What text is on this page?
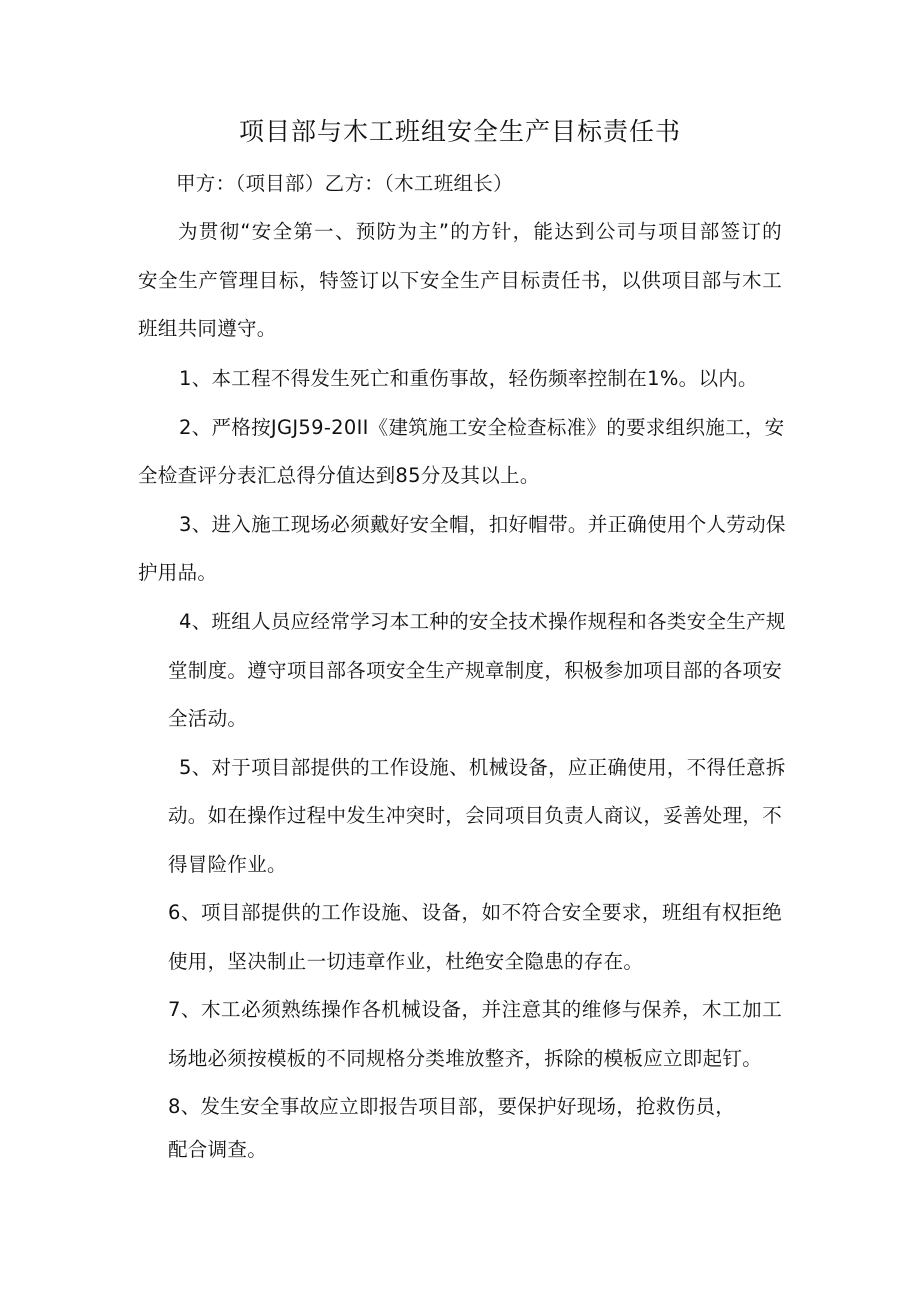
项目部与木工班组安全生产目标责任书
甲方：（项目部）乙方：（木工班组长）
为贯彻“安全第一、预防为主”的方针，能达到公司与项目部签订的
安全生产管理目标，特签订以下安全生产目标责任书，以供项目部与木工
班组共同遵守。
1、本工程不得发生死亡和重伤事故，轻伤频率控制在1%。以内。
2、严格按JGJ59-20II《建筑施工安全检查标准》的要求组织施工，安
全检查评分表汇总得分值达到85分及其以上。
3、进入施工现场必须戴好安全帽，扣好帽带。并正确使用个人劳动保
护用品。
4、班组人员应经常学习本工种的安全技术操作规程和各类安全生产规
堂制度。遵守项目部各项安全生产规章制度，积极参加项目部的各项安
全活动。
5、对于项目部提供的工作设施、机械设备，应正确使用，不得任意拆
动。如在操作过程中发生冲突时，会同项目负责人商议，妥善处理，不
得冒险作业。
6、项目部提供的工作设施、设备，如不符合安全要求，班组有权拒绝
使用，坚决制止一切违章作业，杜绝安全隐患的存在。
7、木工必须熟练操作各机械设备，并注意其的维修与保养，木工加工
场地必须按模板的不同规格分类堆放整齐，拆除的模板应立即起钉。
8、发生安全事故应立即报告项目部，要保护好现场，抢救伤员，
配合调查。
